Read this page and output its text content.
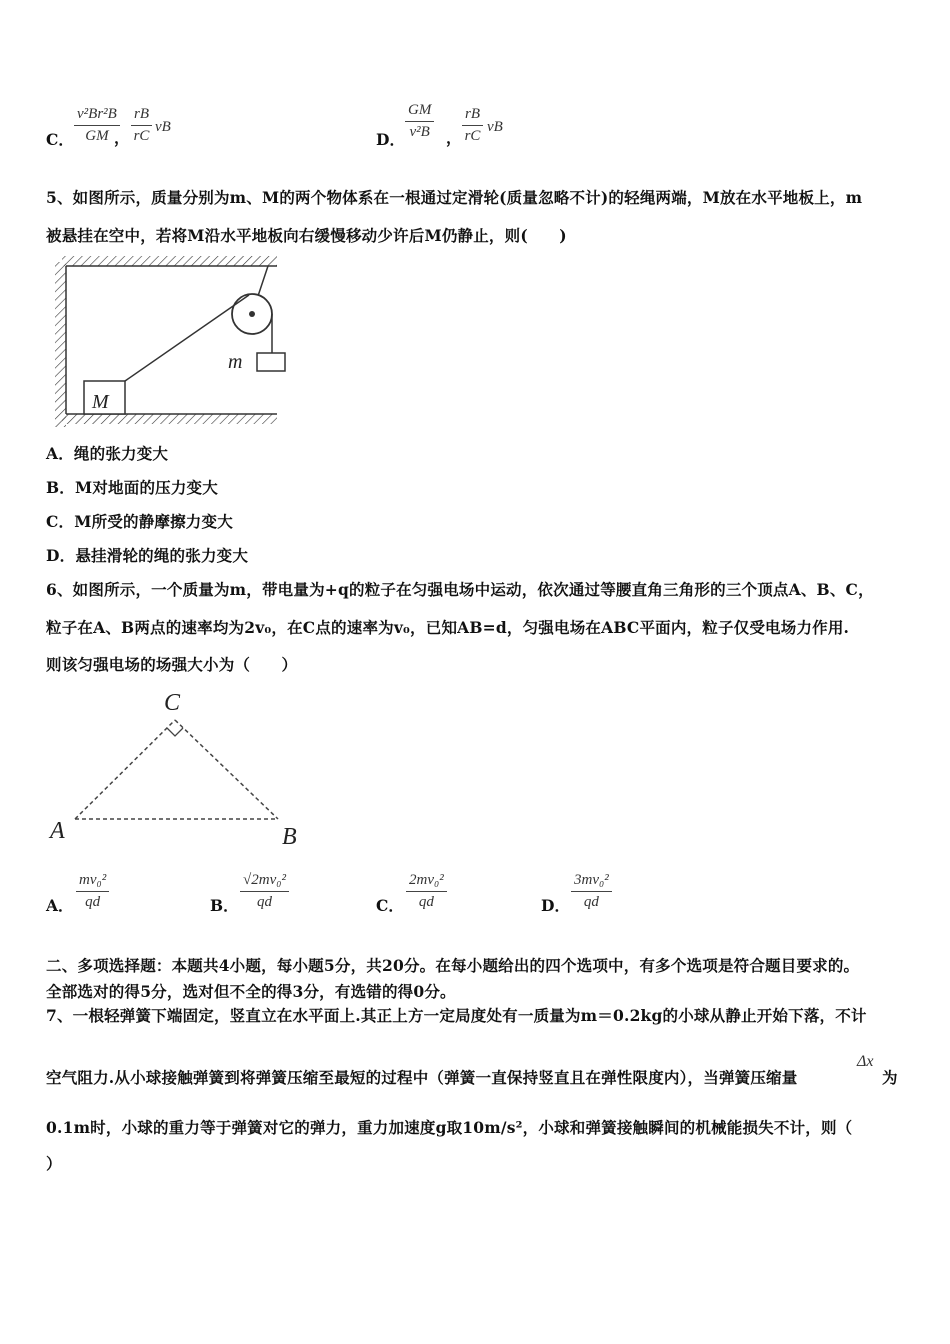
C． $\frac{\text{v²Br²B}}{GM}$
， $\frac{rB}{rC}$ vB
D． $\frac{GM}{\text{v²B}}$ ， $\frac{rB}{rC}$ vB
5、如图所示，质量分别为m、M的两个物体系在一根通过定滑轮(质量忽略不计)的轻绳两端，M放在水平地板上，m
被悬挂在空中，若将M沿水平地板向右缓慢移动少许后M仍静止，则(　　)
M
m
A．绳的张力变大
B．M对地面的压力变大
C．M所受的静摩擦力变大
D．悬挂滑轮的绳的张力变大
6、如图所示，一个质量为m，带电量为+q的粒子在匀强电场中运动，依次通过等腰直角三角形的三个顶点A、B、C，
粒子在A、B两点的速率均为2v₀，在C点的速率为v₀，已知AB=d，匀强电场在ABC平面内，粒子仅受电场力作用.
则该匀强电场的场强大小为（　　）
C
A	B
A． $\frac{\text{mv₀²}}{qd}$	B． $\frac{\text{√2mv₀²}}{qd}$	C． $\frac{\text{2mv₀²}}{qd}$	D． $\frac{\text{3mv₀²}}{qd}$
二、多项选择题：本题共4小题，每小题5分，共20分。在每小题给出的四个选项中，有多个选项是符合题目要求的。
全部选对的得5分，选对但不全的得3分，有选错的得0分。
7、一根轻弹簧下端固定，竖直立在水平面上.其正上方一定局度处有一质量为m＝0.2kg的小球从静止开始下落，不计
空气阻力.从小球接触弹簧到将弹簧压缩至最短的过程中（弹簧一直保持竖直且在弹性限度内），当弹簧压缩量
Δx
为
0.1m时，小球的重力等于弹簧对它的弹力，重力加速度g取10m/s²，小球和弹簧接触瞬间的机械能损失不计，则（
）
